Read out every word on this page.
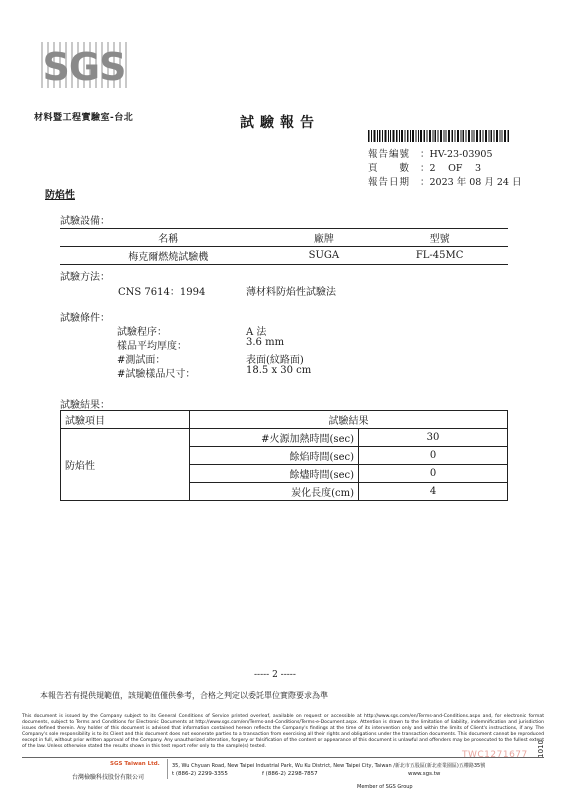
SGS
材料暨工程實驗室-台北	試驗報告
報告編號 ：HV-23-03905
頁　　數 ：2　 OF　 3
報告日期 ：2023 年 08 月 24 日
防焰性
試驗設備：
名稱	廠牌	型號
梅克爾燃燒試驗機	SUGA	FL-45MC
試驗方法：
CNS 7614：1994	薄材料防焰性試驗法
試驗條件：
試驗程序：	A 法
樣品平均厚度：	3.6 mm
#測試面：	表面(紋路面)
#試驗樣品尺寸：	18.5 x 30 cm
試驗結果：
試驗項目	試驗結果	
防焰性	#火源加熱時間(sec)	30
	餘焰時間(sec)	0
	餘燼時間(sec)	0
	炭化長度(cm)	4
----- 2 -----
本報告若有提供規範值，該規範值僅供參考，合格之判定以委託單位實際要求為準
This document is issued by the Company subject to its General Conditions of Service printed overleaf, available on request or accessible at http://www.sgs.com/en/Terms-and-Conditions.aspx and, for electronic format documents, subject to Terms and Conditions for Electronic Documents at http://www.sgs.com/en/Terms-and-Conditions/Terms-e-Document.aspx. Attention is drawn to the limitation of liability, indemnification and jurisdiction issues defined therein. Any holder of this document is advised that information contained hereon reflects the Company's findings at the time of its intervention only and within the limits of Client's instructions, if any. The Company's sole responsibility is to its Client and this document does not exonerate parties to a transaction from exercising all their rights and obligations under the transaction documents. This document cannot be reproduced except in full, without prior written approval of the Company. Any unauthorized alteration, forgery or falsification of the content or appearance of this document is unlawful and offenders may be prosecuted to the fullest extent of the law. Unless otherwise stated the results shown in this test report refer only to the sample(s) tested.	1010
TWC1271677
SGS Taiwan Ltd.
台灣檢驗科技股份有限公司
35, Wu Chyuan Road, New Taipei Industrial Park, Wu Ku District, New Taipei City, Taiwan /新北市五股區(新北產業園區)五權路35號
t (886-2) 2299-3355	f (886-2) 2298-7857	www.sgs.tw
Member of SGS Group
